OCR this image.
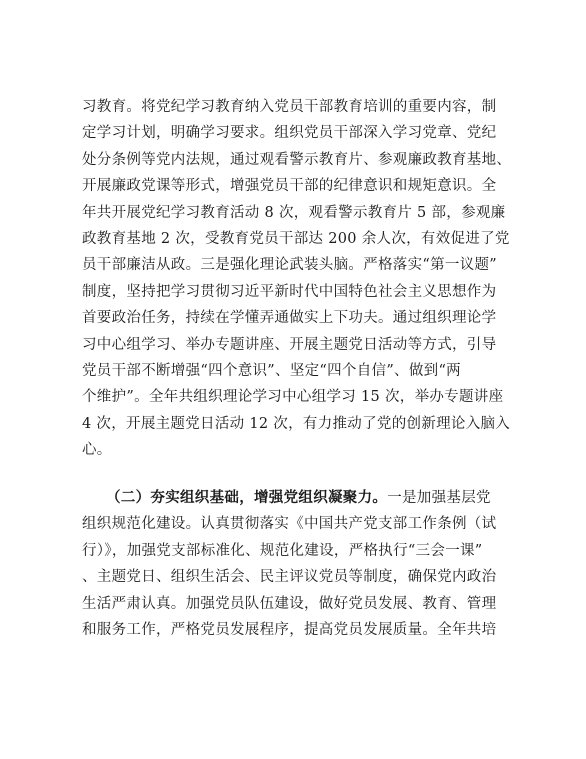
习教育。将党纪学习教育纳入党员干部教育培训的重要内容，制
定学习计划，明确学习要求。组织党员干部深入学习党章、党纪
处分条例等党内法规，通过观看警示教育片、参观廉政教育基地、
开展廉政党课等形式，增强党员干部的纪律意识和规矩意识。全
年共开展党纪学习教育活动 8 次，观看警示教育片 5 部，参观廉
政教育基地 2 次，受教育党员干部达 200 余人次，有效促进了党
员干部廉洁从政。三是强化理论武装头脑。严格落实“第一议题”
制度，坚持把学习贯彻习近平新时代中国特色社会主义思想作为
首要政治任务，持续在学懂弄通做实上下功夫。通过组织理论学
习中心组学习、举办专题讲座、开展主题党日活动等方式，引导
党员干部不断增强“四个意识”、坚定“四个自信”、做到“两
个维护”。全年共组织理论学习中心组学习 15 次，举办专题讲座
4 次，开展主题党日活动 12 次，有力推动了党的创新理论入脑入
心。
（二）夯实组织基础，增强党组织凝聚力。一是加强基层党
组织规范化建设。认真贯彻落实《中国共产党支部工作条例（试
行）》，加强党支部标准化、规范化建设，严格执行“三会一课”
、主题党日、组织生活会、民主评议党员等制度，确保党内政治
生活严肃认真。加强党员队伍建设，做好党员发展、教育、管理
和服务工作，严格党员发展程序，提高党员发展质量。全年共培
